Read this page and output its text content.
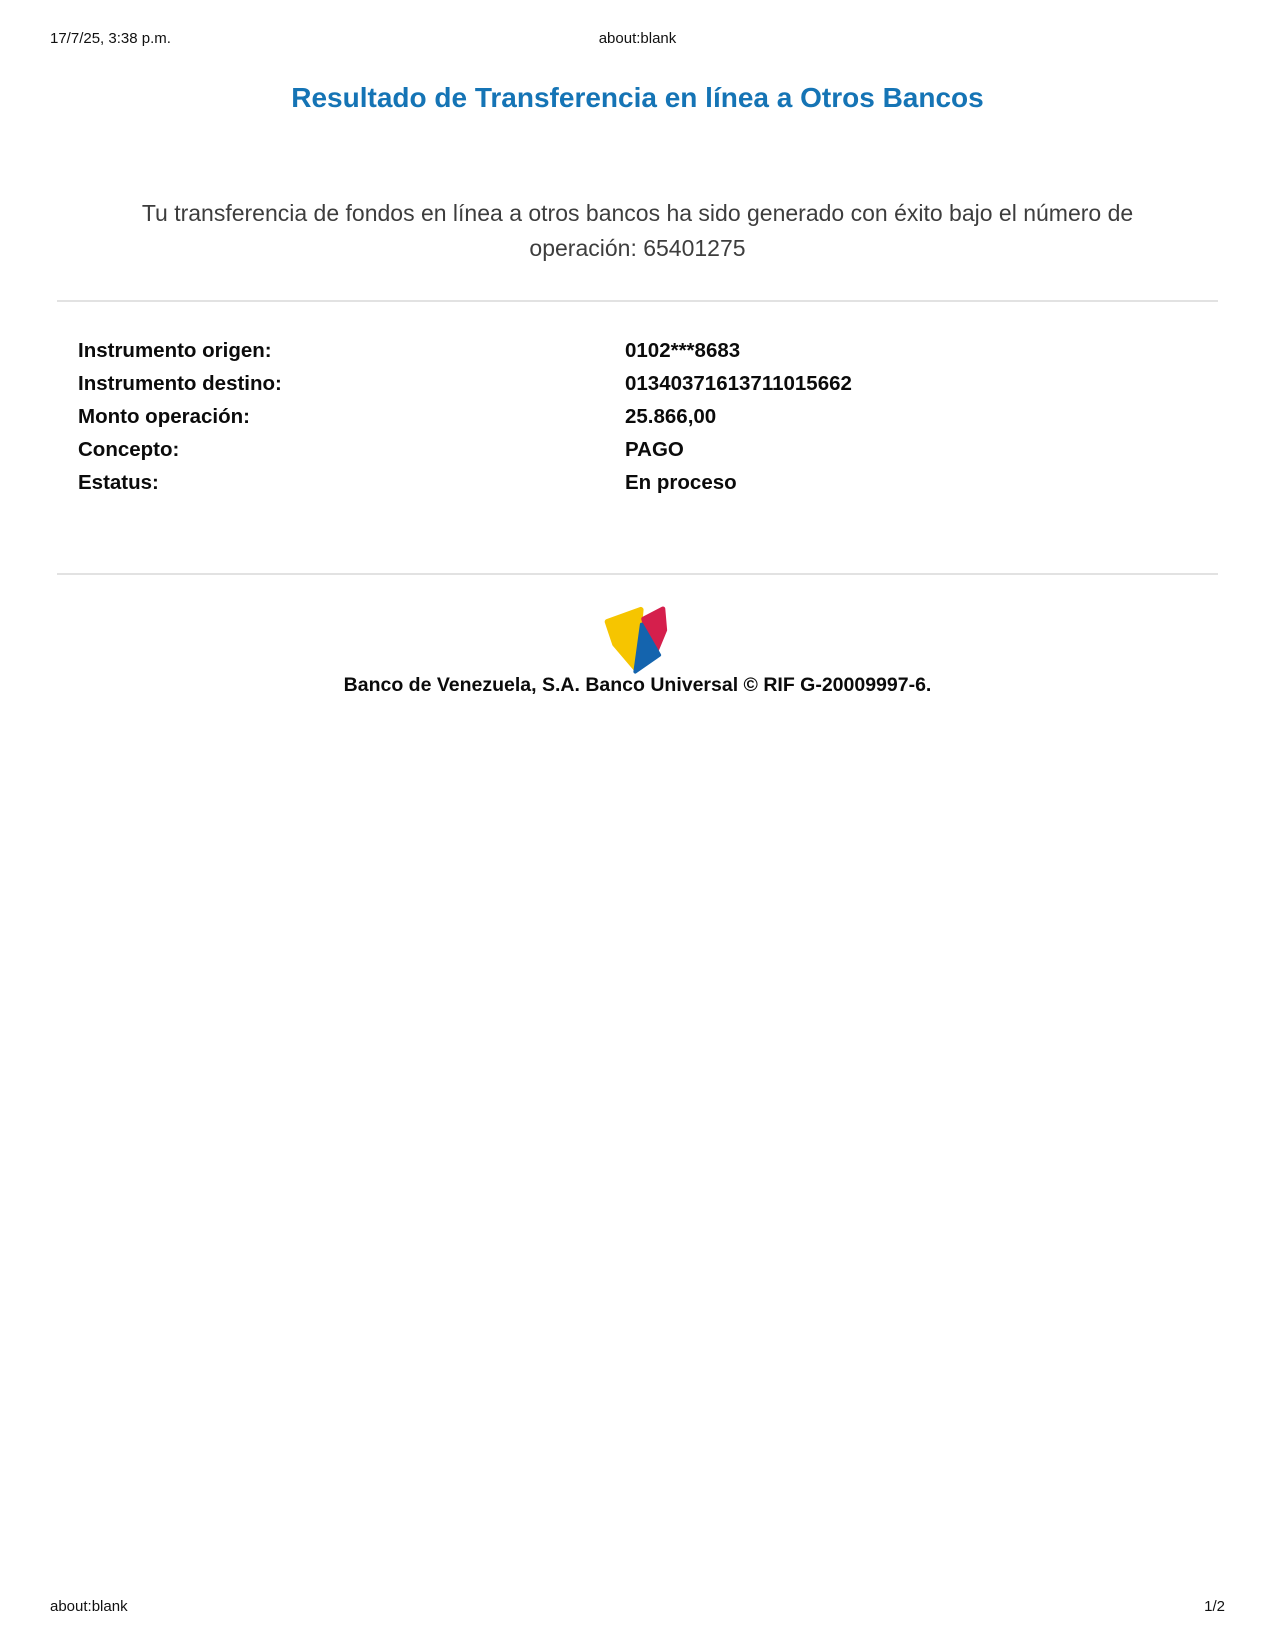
17/7/25, 3:38 p.m.	about:blank
Resultado de Transferencia en línea a Otros Bancos
Tu transferencia de fondos en línea a otros bancos ha sido generado con éxito bajo el número de operación: 65401275
Instrumento origen:	0102***8683
Instrumento destino:	01340371613711015662
Monto operación:	25.866,00
Concepto:	PAGO
Estatus:	En proceso
Banco de Venezuela, S.A. Banco Universal © RIF G-20009997-6.
about:blank	1/2
